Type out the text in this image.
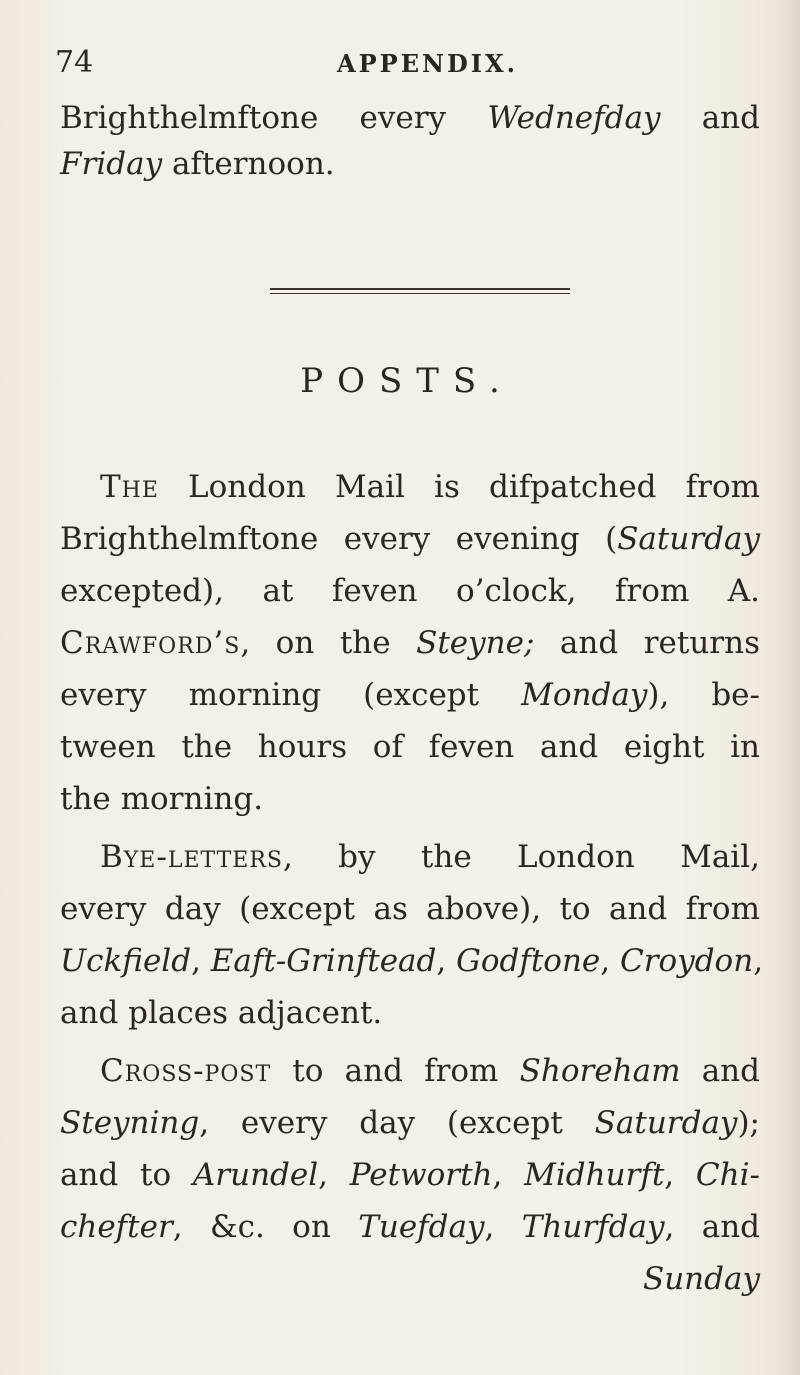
74	APPENDIX.
Brighthelmftone every Wednefday and
Friday afternoon.
POSTS.
The London Mail is difpatched from
Brighthelmftone every evening (Saturday
excepted), at feven o’clock, from A.
Crawford’s, on the Steyne; and returns
every morning (except Monday), be-
tween the hours of feven and eight in
the morning.
Bye-letters, by the London Mail,
every day (except as above), to and from
Uckfield, Eaft-Grinftead, Godftone, Croydon,
and places adjacent.
Cross-post to and from Shoreham and
Steyning, every day (except Saturday);
and to Arundel, Petworth, Midhurft, Chi-
chefter, &c. on Tuefday, Thurfday, and
Sunday
